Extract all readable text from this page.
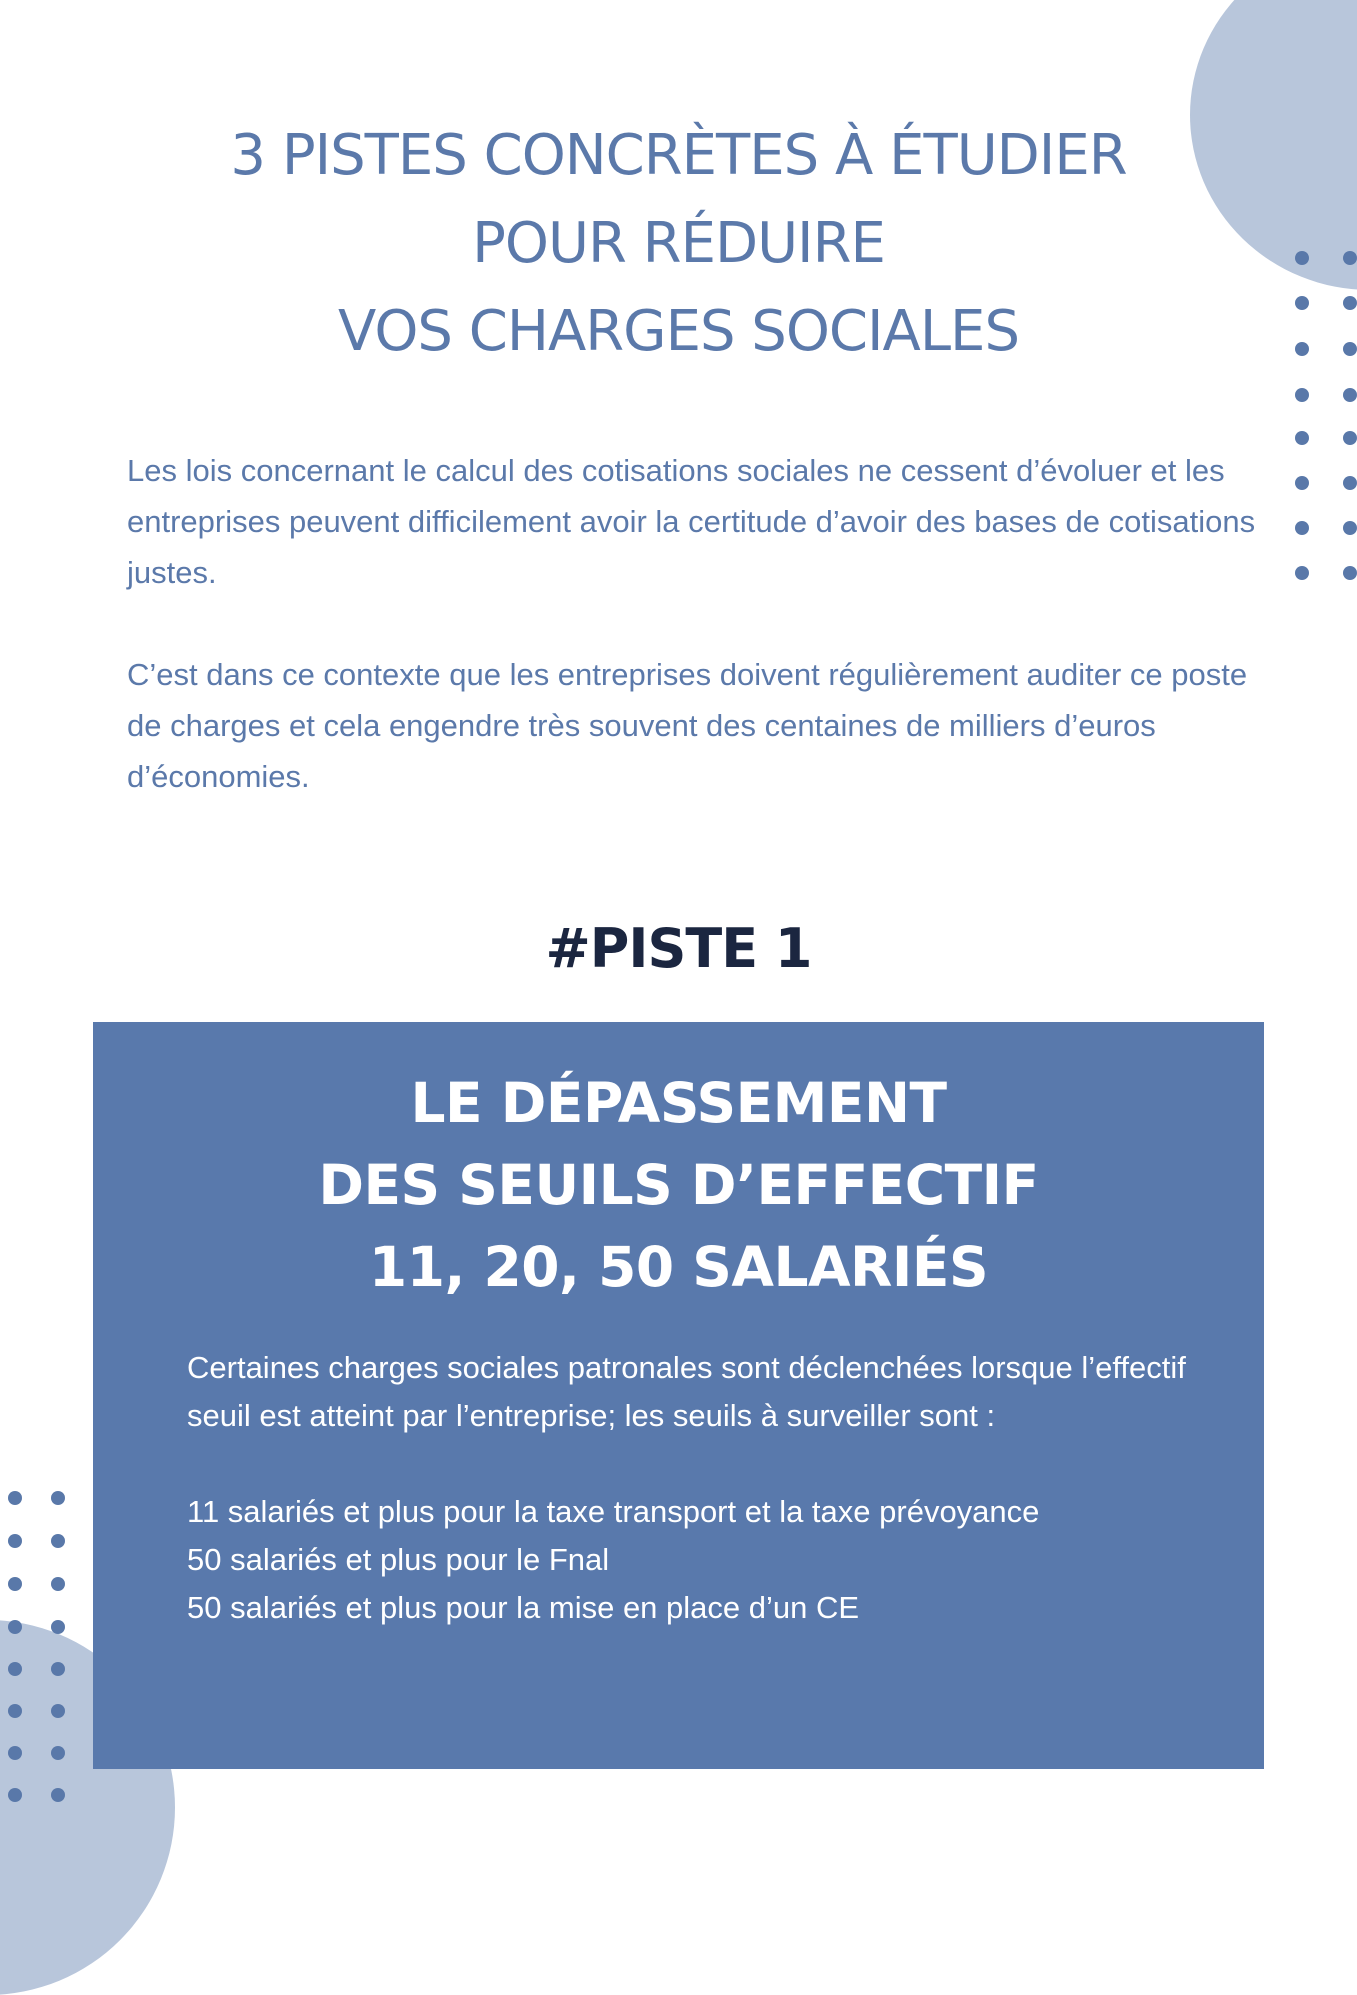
3 PISTES CONCRÈTES À ÉTUDIER
POUR RÉDUIRE
VOS CHARGES SOCIALES

Les lois concernant le calcul des cotisations sociales ne cessent d’évoluer et les entreprises peuvent difficilement avoir la certitude d’avoir des bases de cotisations justes.

C’est dans ce contexte que les entreprises doivent régulièrement auditer ce poste de charges et cela engendre très souvent des centaines de milliers d’euros d’économies.

#PISTE 1
LE DÉPASSEMENT
DES SEUILS D’EFFECTIF
11, 20, 50 SALARIÉS

Certaines charges sociales patronales sont déclenchées lorsque l’effectif seuil est atteint par l’entreprise; les seuils à surveiller sont :

11 salariés et plus pour la taxe transport et la taxe prévoyance
50 salariés et plus pour le Fnal
50 salariés et plus pour la mise en place d’un CE
